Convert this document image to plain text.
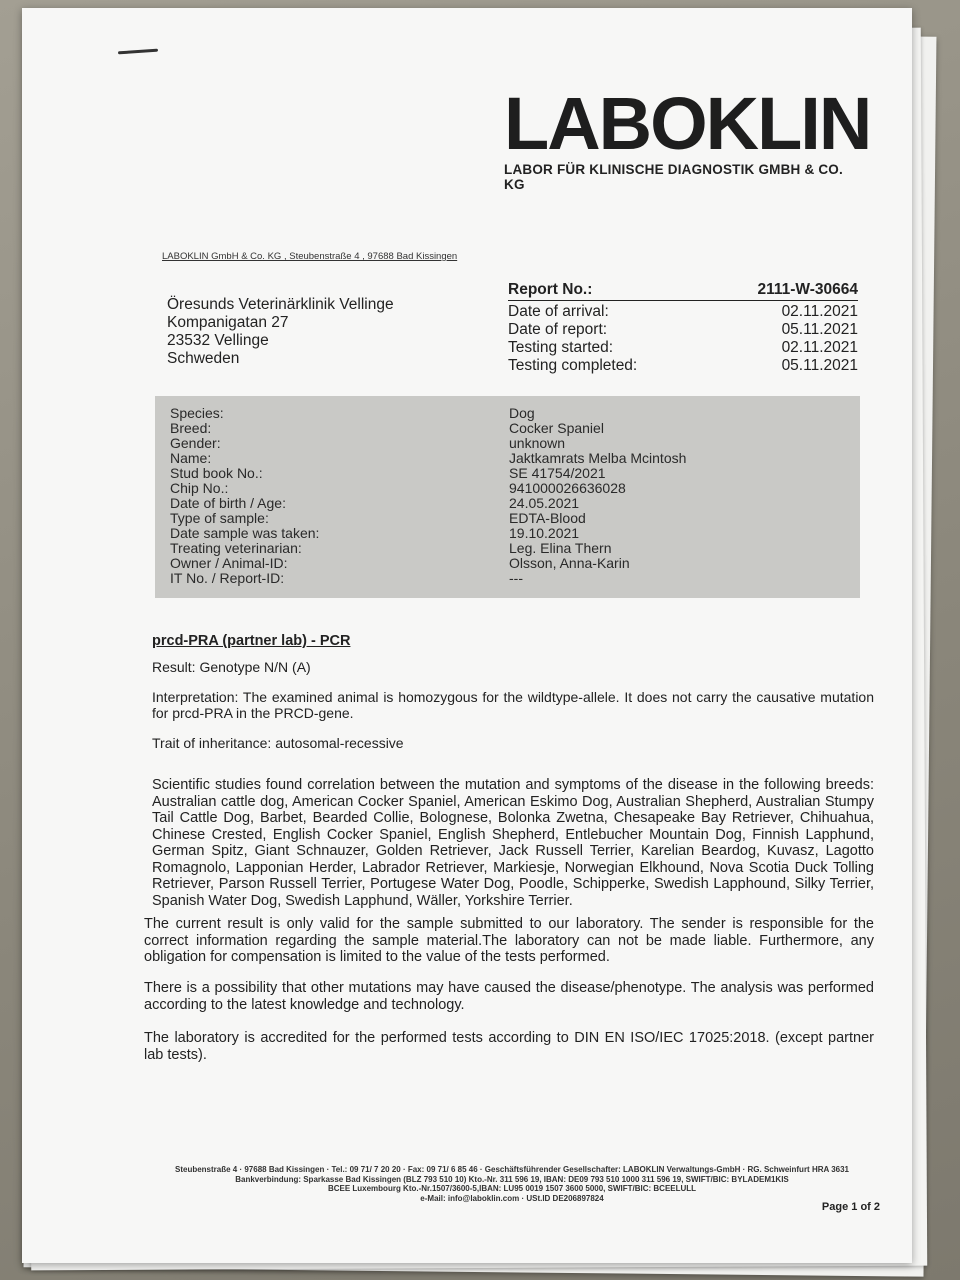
LABOKLIN
LABOR FÜR KLINISCHE DIAGNOSTIK GMBH & CO. KG
LABOKLIN GmbH & Co. KG , Steubenstraße 4 , 97688 Bad Kissingen
Öresunds Veterinärklinik Vellinge
Kompanigatan 27
23532 Vellinge
Schweden
Report No.:	2111-W-30664
Date of arrival:	02.11.2021
Date of report:	05.11.2021
Testing started:	02.11.2021
Testing completed:	05.11.2021
Species:	Dog
Breed:	Cocker Spaniel
Gender:	unknown
Name:	Jaktkamrats Melba Mcintosh
Stud book No.:	SE 41754/2021
Chip No.:	941000026636028
Date of birth / Age:	24.05.2021
Type of sample:	EDTA-Blood
Date sample was taken:	19.10.2021
Treating veterinarian:	Leg. Elina Thern
Owner / Animal-ID:	Olsson, Anna-Karin
IT No. / Report-ID:	---
prcd-PRA (partner lab) - PCR

Result: Genotype N/N (A)

Interpretation: The examined animal is homozygous for the wildtype-allele. It does not carry the causative mutation for prcd-PRA in the PRCD-gene.

Trait of inheritance: autosomal-recessive

Scientific studies found correlation between the mutation and symptoms of the disease in the following breeds: Australian cattle dog, American Cocker Spaniel, American Eskimo Dog, Australian Shepherd, Australian Stumpy Tail Cattle Dog, Barbet, Bearded Collie, Bolognese, Bolonka Zwetna, Chesapeake Bay Retriever, Chihuahua, Chinese Crested, English Cocker Spaniel, English Shepherd, Entlebucher Mountain Dog, Finnish Lapphund, German Spitz, Giant Schnauzer, Golden Retriever, Jack Russell Terrier, Karelian Beardog, Kuvasz, Lagotto Romagnolo, Lapponian Herder, Labrador Retriever, Markiesje, Norwegian Elkhound, Nova Scotia Duck Tolling Retriever, Parson Russell Terrier, Portugese Water Dog, Poodle, Schipperke, Swedish Lapphound, Silky Terrier, Spanish Water Dog, Swedish Lapphund, Wäller, Yorkshire Terrier.

The current result is only valid for the sample submitted to our laboratory. The sender is responsible for the correct information regarding the sample material.The laboratory can not be made liable. Furthermore, any obligation for compensation is limited to the value of the tests performed.

There is a possibility that other mutations may have caused the disease/phenotype. The analysis was performed according to the latest knowledge and technology.

The laboratory is accredited for the performed tests according to DIN EN ISO/IEC 17025:2018. (except partner lab tests).

Steubenstraße 4 · 97688 Bad Kissingen · Tel.: 09 71/ 7 20 20 · Fax: 09 71/ 6 85 46 · Geschäftsführender Gesellschafter: LABOKLIN Verwaltungs-GmbH · RG. Schweinfurt HRA 3631
Bankverbindung: Sparkasse Bad Kissingen (BLZ 793 510 10) Kto.-Nr. 311 596 19, IBAN: DE09 793 510 1000 311 596 19, SWIFT/BIC: BYLADEM1KIS
BCEE Luxembourg Kto.-Nr.1507/3600-5,IBAN: LU95 0019 1507 3600 5000, SWIFT/BIC: BCEELULL
e-Mail: info@laboklin.com · USt.ID DE206897824
Page 1 of 2
